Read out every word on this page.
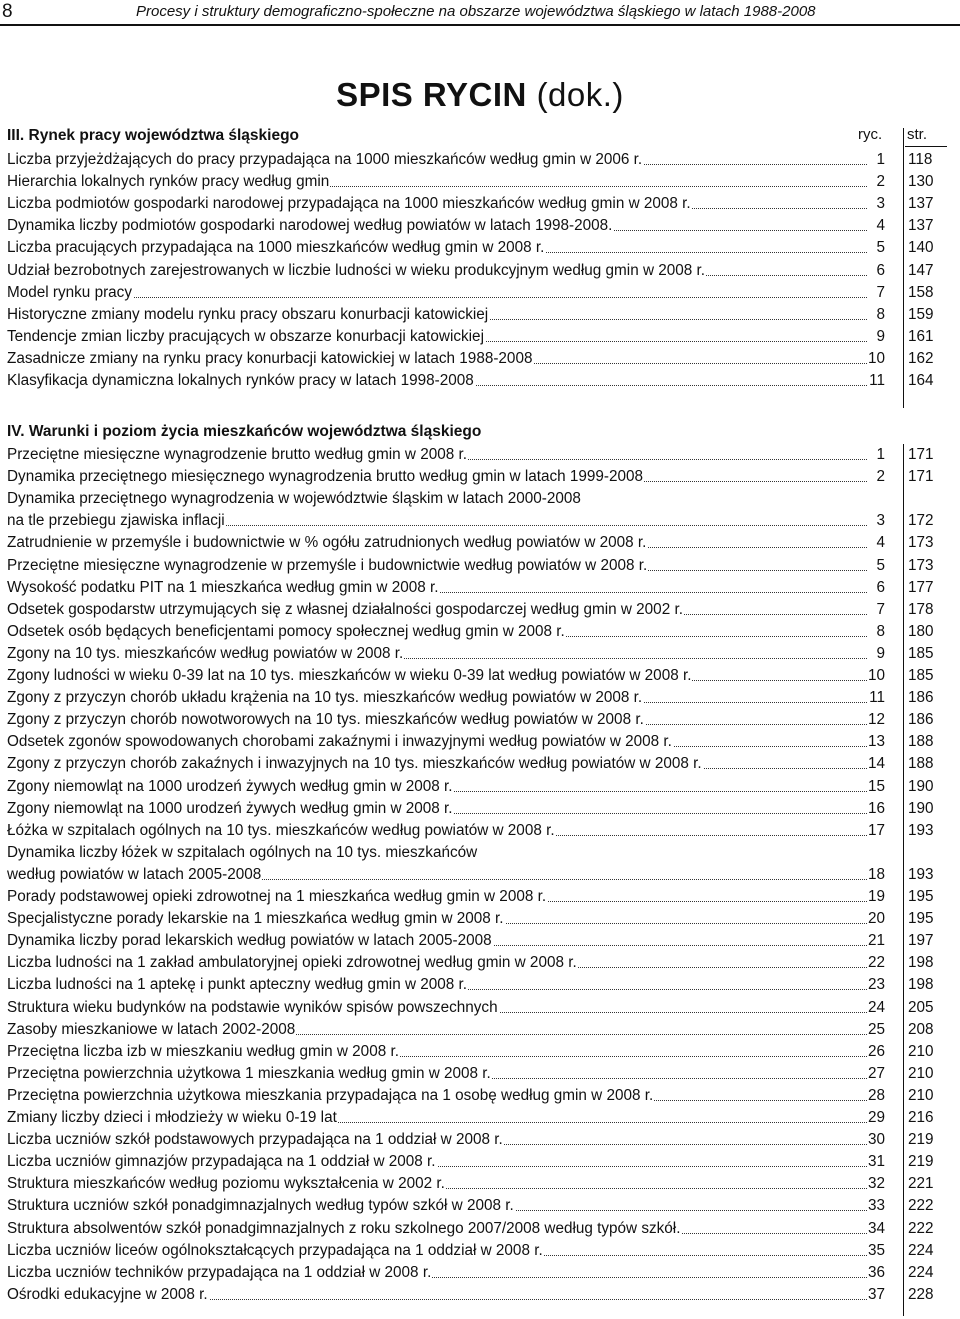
8	Procesy i struktury demograficzno-społeczne na obszarze województwa śląskiego w latach 1988-2008
SPIS RYCIN (dok.)
ryc. str.
III. Rynek pracy województwa śląskiego
Liczba przyjeżdżających do pracy przypadająca na 1000 mieszkańców według gmin w 2006 r.	1 118
Hierarchia lokalnych rynków pracy według gmin	2 130
Liczba podmiotów gospodarki narodowej przypadająca na 1000 mieszkańców według gmin w 2008 r.	3 137
Dynamika liczby podmiotów gospodarki narodowej według powiatów w latach 1998-2008.	4 137
Liczba pracujących przypadająca na 1000 mieszkańców według gmin w 2008 r.	5 140
Udział bezrobotnych zarejestrowanych w liczbie ludności w wieku produkcyjnym według gmin w 2008 r.	6 147
Model rynku pracy	7 158
Historyczne zmiany modelu rynku pracy obszaru konurbacji katowickiej	8 159
Tendencje zmian liczby pracujących w obszarze konurbacji katowickiej	9 161
Zasadnicze zmiany na rynku pracy konurbacji katowickiej w latach 1988-2008	10 162
Klasyfikacja dynamiczna lokalnych rynków pracy w latach 1998-2008	11 164
IV. Warunki i poziom życia mieszkańców województwa śląskiego
Przeciętne miesięczne wynagrodzenie brutto według gmin w 2008 r.	1 171
Dynamika przeciętnego miesięcznego wynagrodzenia brutto według gmin w latach 1999-2008	2 171
Dynamika przeciętnego wynagrodzenia w województwie śląskim w latach 2000-2008
na tle przebiegu zjawiska inflacji	3 172
Zatrudnienie w przemyśle i budownictwie w % ogółu zatrudnionych według powiatów w 2008 r.	4 173
Przeciętne miesięczne wynagrodzenie w przemyśle i budownictwie według powiatów w 2008 r.	5 173
Wysokość podatku PIT na 1 mieszkańca według gmin w 2008 r.	6 177
Odsetek gospodarstw utrzymujących się z własnej działalności gospodarczej według gmin w 2002 r.	7 178
Odsetek osób będących beneficjentami pomocy społecznej według gmin w 2008 r.	8 180
Zgony na 10 tys. mieszkańców według powiatów w 2008 r.	9 185
Zgony ludności w wieku 0-39 lat na 10 tys. mieszkańców w wieku 0-39 lat według powiatów w 2008 r.	10 185
Zgony z przyczyn chorób układu krążenia na 10 tys. mieszkańców według powiatów w 2008 r.	11 186
Zgony z przyczyn chorób nowotworowych na 10 tys. mieszkańców według powiatów w 2008 r.	12 186
Odsetek zgonów spowodowanych chorobami zakaźnymi i inwazyjnymi według powiatów w 2008 r.	13 188
Zgony z przyczyn chorób zakaźnych i inwazyjnych na 10 tys. mieszkańców według powiatów w 2008 r.	14 188
Zgony niemowląt na 1000 urodzeń żywych według gmin w 2008 r.	15 190
Zgony niemowląt na 1000 urodzeń żywych według gmin w 2008 r.	16 190
Łóżka w szpitalach ogólnych na 10 tys. mieszkańców według powiatów w 2008 r.	17 193
Dynamika liczby łóżek w szpitalach ogólnych na 10 tys. mieszkańców
według powiatów w latach 2005-2008	18 193
Porady podstawowej opieki zdrowotnej na 1 mieszkańca według gmin w 2008 r.	19 195
Specjalistyczne porady lekarskie na 1 mieszkańca według gmin w 2008 r.	20 195
Dynamika liczby porad lekarskich według powiatów w latach 2005-2008	21 197
Liczba ludności na 1 zakład ambulatoryjnej opieki zdrowotnej według gmin w 2008 r.	22 198
Liczba ludności na 1 aptekę i punkt apteczny według gmin w 2008 r.	23 198
Struktura wieku budynków na podstawie wyników spisów powszechnych	24 205
Zasoby mieszkaniowe w latach 2002-2008	25 208
Przeciętna liczba izb w mieszkaniu według gmin w 2008 r.	26 210
Przeciętna powierzchnia użytkowa 1 mieszkania według gmin w 2008 r.	27 210
Przeciętna powierzchnia użytkowa mieszkania przypadająca na 1 osobę według gmin w 2008 r.	28 210
Zmiany liczby dzieci i młodzieży w wieku 0-19 lat	29 216
Liczba uczniów szkół podstawowych przypadająca na 1 oddział w 2008 r.	30 219
Liczba uczniów gimnazjów przypadająca na 1 oddział w 2008 r.	31 219
Struktura mieszkańców według poziomu wykształcenia w 2002 r.	32 221
Struktura uczniów szkół ponadgimnazjalnych według typów szkół w 2008 r.	33 222
Struktura absolwentów szkół ponadgimnazjalnych z roku szkolnego 2007/2008 według typów szkół.	34 222
Liczba uczniów liceów ogólnokształcących przypadająca na 1 oddział w 2008 r.	35 224
Liczba uczniów techników przypadająca na 1 oddział w 2008 r.	36 224
Ośrodki edukacyjne w 2008 r.	37 228
